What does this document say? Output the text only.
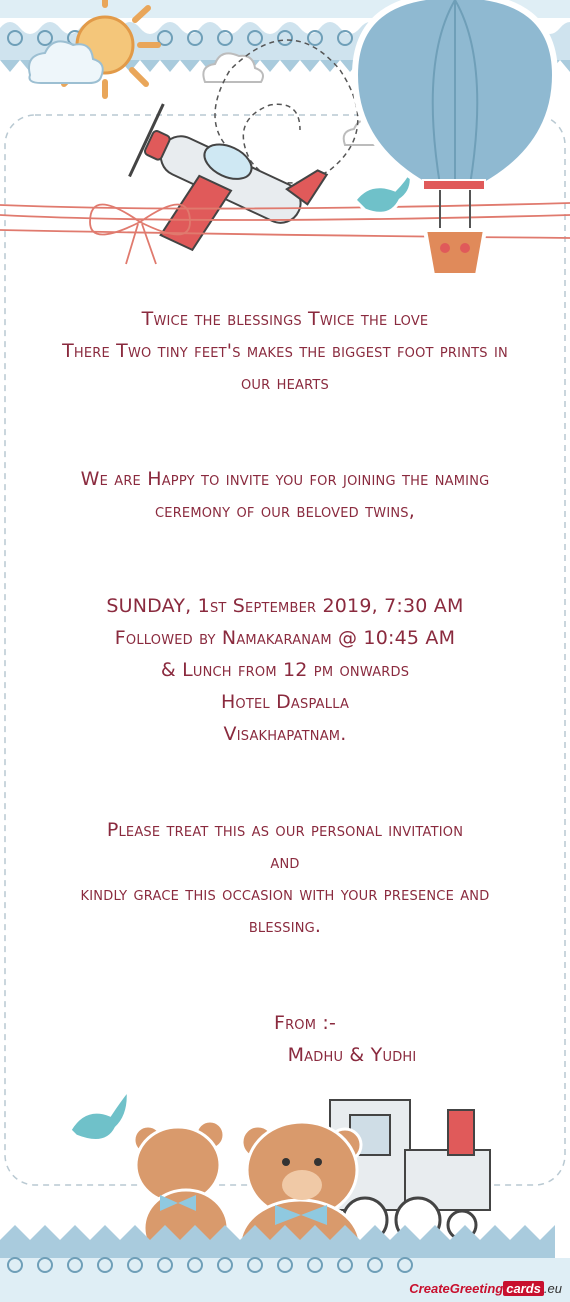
Twice the blessings Twice the love
There Two tiny feet's makes the biggest foot prints in
our hearts
We are Happy to invite you for joining the naming
ceremony of our beloved twins,
SUNDAY, 1st September 2019, 7:30 AM
Followed by Namakaranam @ 10:45 AM
& Lunch from 12 pm onwards
Hotel Daspalla
Visakhapatnam.
Please treat this as our personal invitation
and
kindly grace this occasion with your presence and
blessing.
From :-
Madhu & Yudhi
CreateGreeting cards .eu
